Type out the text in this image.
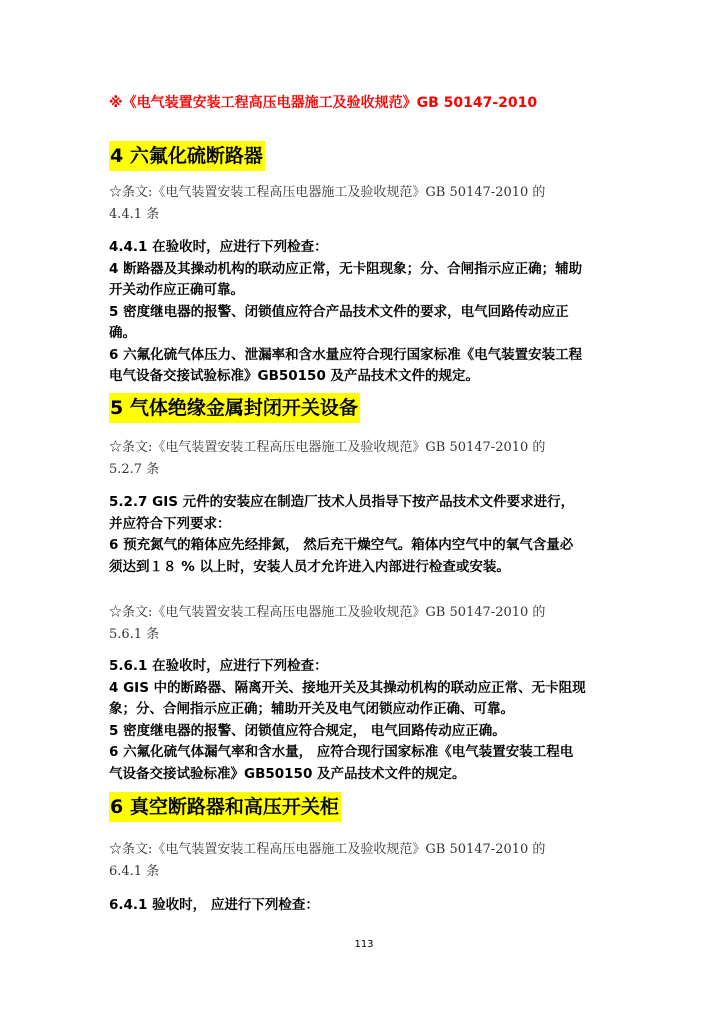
※《电气装置安装工程高压电器施工及验收规范》GB 50147-2010
4 六氟化硫断路器
☆条文:《电气装置安装工程高压电器施工及验收规范》GB 50147-2010 的
4.4.1 条
4.4.1 在验收时，应进行下列检查：
4 断路器及其操动机构的联动应正常，无卡阻现象；分、合闸指示应正确；辅助
开关动作应正确可靠。
5 密度继电器的报警、闭锁值应符合产品技术文件的要求，电气回路传动应正
确。
6 六氟化硫气体压力、泄漏率和含水量应符合现行国家标准《电气装置安装工程
电气设备交接试验标准》GB50150 及产品技术文件的规定。
5 气体绝缘金属封闭开关设备
☆条文:《电气装置安装工程高压电器施工及验收规范》GB 50147-2010 的
5.2.7 条
5.2.7 GIS 元件的安装应在制造厂技术人员指导下按产品技术文件要求进行，
并应符合下列要求：
6 预充氮气的箱体应先经排氮， 然后充干燥空气。箱体内空气中的氧气含量必
须达到１８ % 以上时，安装人员才允许进入内部进行检查或安装。
☆条文:《电气装置安装工程高压电器施工及验收规范》GB 50147-2010 的
5.6.1 条
5.6.1 在验收时，应进行下列检查：
4 GIS 中的断路器、隔离开关、接地开关及其操动机构的联动应正常、无卡阻现
象；分、合闸指示应正确；辅助开关及电气闭锁应动作正确、可靠。
5 密度继电器的报警、闭锁值应符合规定， 电气回路传动应正确。
6 六氟化硫气体漏气率和含水量， 应符合现行国家标准《电气装置安装工程电
气设备交接试验标准》GB50150 及产品技术文件的规定。
6 真空断路器和高压开关柜
☆条文:《电气装置安装工程高压电器施工及验收规范》GB 50147-2010 的
6.4.1 条
6.4.1 验收时， 应进行下列检查：
113
